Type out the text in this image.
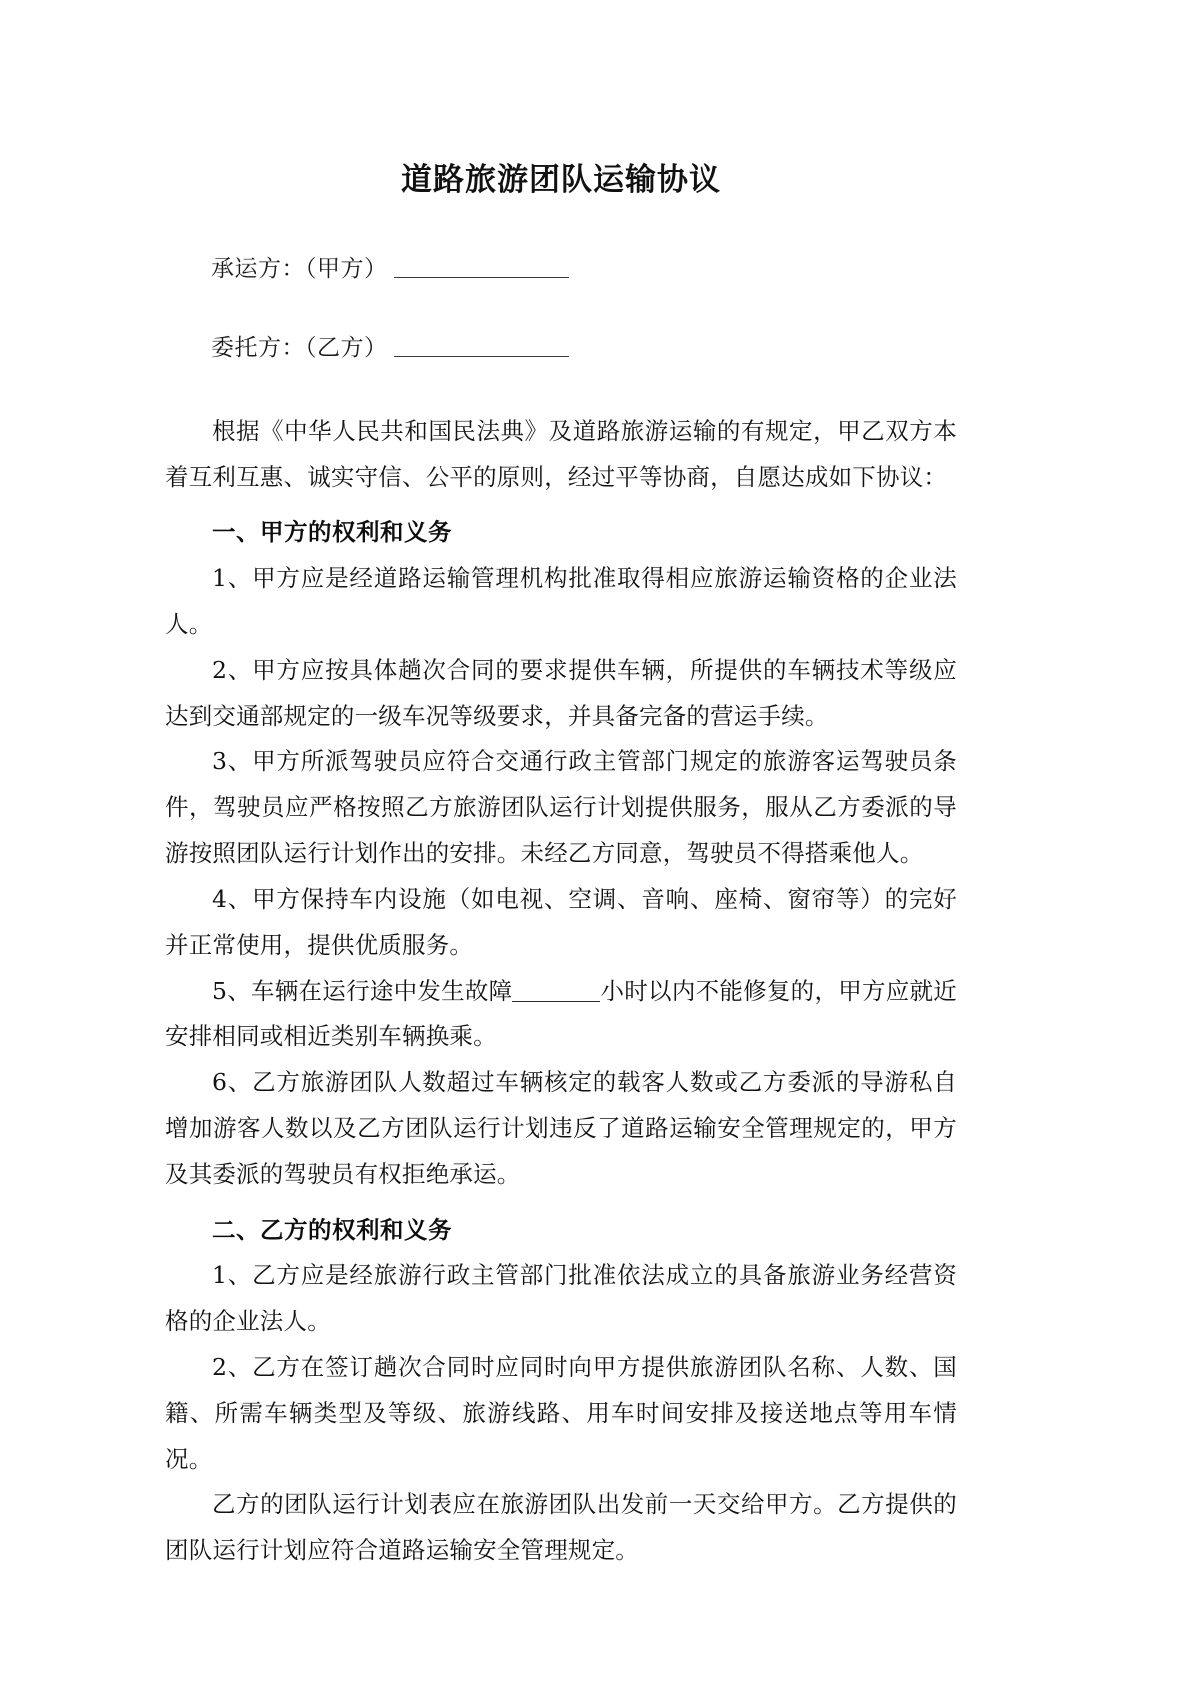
道路旅游团队运输协议
承运方：（甲方）
委托方：（乙方）

根据《中华人民共和国民法典》及道路旅游运输的有规定，甲乙双方本着互利互惠、诚实守信、公平的原则，经过平等协商，自愿达成如下协议：

一、甲方的权利和义务

1、甲方应是经道路运输管理机构批准取得相应旅游运输资格的企业法人。

2、甲方应按具体趟次合同的要求提供车辆，所提供的车辆技术等级应达到交通部规定的一级车况等级要求，并具备完备的营运手续。

3、甲方所派驾驶员应符合交通行政主管部门规定的旅游客运驾驶员条件，驾驶员应严格按照乙方旅游团队运行计划提供服务，服从乙方委派的导游按照团队运行计划作出的安排。未经乙方同意，驾驶员不得搭乘他人。

4、甲方保持车内设施（如电视、空调、音响、座椅、窗帘等）的完好并正常使用，提供优质服务。

5、车辆在运行途中发生故障	小时以内不能修复的，甲方应就近安排相同或相近类别车辆换乘。

6、乙方旅游团队人数超过车辆核定的载客人数或乙方委派的导游私自增加游客人数以及乙方团队运行计划违反了道路运输安全管理规定的，甲方及其委派的驾驶员有权拒绝承运。

二、乙方的权利和义务

1、乙方应是经旅游行政主管部门批准依法成立的具备旅游业务经营资格的企业法人。

2、乙方在签订趟次合同时应同时向甲方提供旅游团队名称、人数、国籍、所需车辆类型及等级、旅游线路、用车时间安排及接送地点等用车情况。

乙方的团队运行计划表应在旅游团队出发前一天交给甲方。乙方提供的团队运行计划应符合道路运输安全管理规定。
